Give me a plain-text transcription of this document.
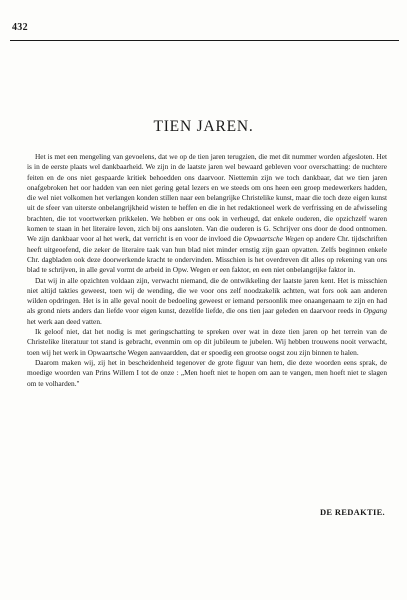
432
TIEN JAREN.

Het is met een mengeling van gevoelens, dat we op de tien jaren terugzien, die met dit nummer worden afgesloten. Het is in de eerste plaats wel dankbaarheid. We zijn in de laatste jaren wel bewaard gebleven voor overschatting: de nuchtere feiten en de ons niet gespaarde kritiek behoedden ons daarvoor. Niettemin zijn we toch dankbaar, dat we tien jaren onafgebroken het oor hadden van een niet gering getal lezers en we steeds om ons heen een groep medewerkers hadden, die wel niet volkomen het verlangen konden stillen naar een belangrijke Christelike kunst, maar die toch deze eigen kunst uit de sfeer van uiterste onbelangrijkheid wisten te heffen en die in het redaktioneel werk de verfrissing en de afwisseling brachten, die tot voortwerken prikkelen. We hebben er ons ook in verheugd, dat enkele ouderen, die opzichzelf waren komen te staan in het literaire leven, zich bij ons aansloten. Van die ouderen is G. Schrijver ons door de dood ontnomen. We zijn dankbaar voor al het werk, dat verricht is en voor de invloed die Opwaartsche Wegen op andere Chr. tijdschriften heeft uitgeoefend, die zeker de literaire taak van hun blad niet minder ernstig zijn gaan opvatten. Zelfs beginnen enkele Chr. dagbladen ook deze doorwerkende kracht te ondervinden. Misschien is het overdreven dit alles op rekening van ons blad te schrijven, in alle geval vormt de arbeid in Opw. Wegen er een faktor, en een niet onbelangrijke faktor in.

Dat wij in alle opzichten voldaan zijn, verwacht niemand, die de ontwikkeling der laatste jaren kent. Het is misschien niet altijd takties geweest, toen wij de wending, die we voor ons zelf noodzakelik achtten, wat fors ook aan anderen wilden opdringen. Het is in alle geval nooit de bedoeling geweest er iemand persoonlik mee onaangenaam te zijn en had als grond niets anders dan liefde voor eigen kunst, dezelfde liefde, die ons tien jaar geleden en daarvoor reeds in Opgang het werk aan deed vatten.

Ik geloof niet, dat het nodig is met geringschatting te spreken over wat in deze tien jaren op het terrein van de Christelike literatuur tot stand is gebracht, evenmin om op dit jubileum te jubelen. Wij hebben trouwens nooit verwacht, toen wij het werk in Opwaartsche Wegen aanvaardden, dat er spoedig een grootse oogst zou zijn binnen te halen.

Daarom maken wij, zij het in bescheidenheid tegenover de grote figuur van hem, die deze woorden eens sprak, de moedige woorden van Prins Willem I tot de onze : „Men hoeft niet te hopen om aan te vangen, men hoeft niet te slagen om te volharden."

DE REDAKTIE.
